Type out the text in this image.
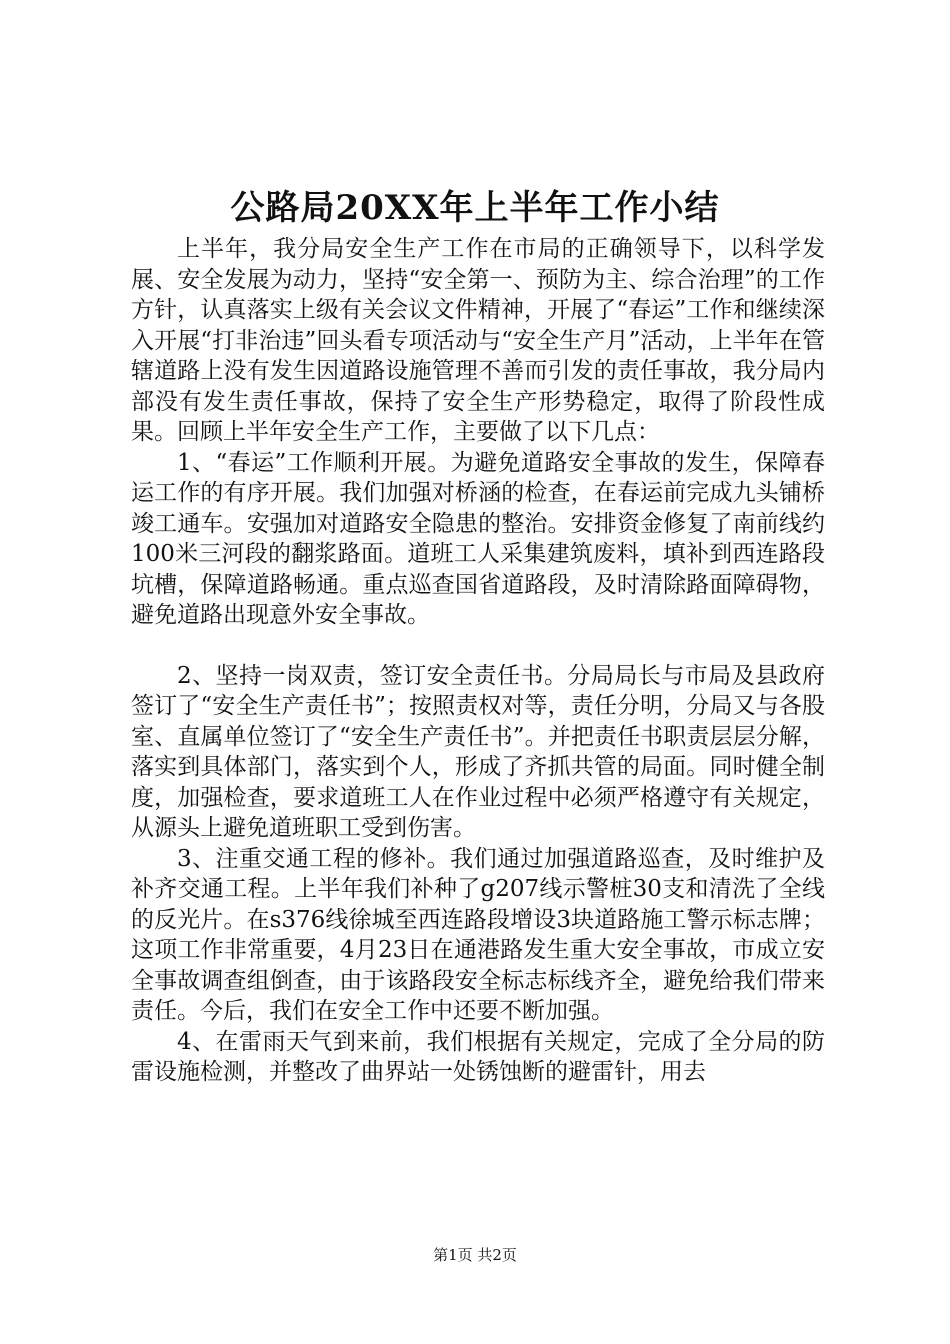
公路局20XX年上半年工作小结

上半年，我分局安全生产工作在市局的正确领导下，以科学发展、安全发展为动力，坚持“安全第一、预防为主、综合治理”的工作方针，认真落实上级有关会议文件精神，开展了“春运”工作和继续深入开展“打非治违”回头看专项活动与“安全生产月”活动，上半年在管辖道路上没有发生因道路设施管理不善而引发的责任事故，我分局内部没有发生责任事故，保持了安全生产形势稳定，取得了阶段性成果。回顾上半年安全生产工作，主要做了以下几点：

1、“春运”工作顺利开展。为避免道路安全事故的发生，保障春运工作的有序开展。我们加强对桥涵的检查，在春运前完成九头铺桥竣工通车。安强加对道路安全隐患的整治。安排资金修复了南前线约100米三河段的翻浆路面。道班工人采集建筑废料，填补到西连路段坑槽，保障道路畅通。重点巡查国省道路段，及时清除路面障碍物，避免道路出现意外安全事故。

2、坚持一岗双责，签订安全责任书。分局局长与市局及县政府签订了“安全生产责任书”；按照责权对等，责任分明，分局又与各股室、直属单位签订了“安全生产责任书”。并把责任书职责层层分解，落实到具体部门，落实到个人，形成了齐抓共管的局面。同时健全制度，加强检查，要求道班工人在作业过程中必须严格遵守有关规定，从源头上避免道班职工受到伤害。

3、注重交通工程的修补。我们通过加强道路巡查，及时维护及补齐交通工程。上半年我们补种了g207线示警桩30支和清洗了全线的反光片。在s376线徐城至西连路段增设3块道路施工警示标志牌；这项工作非常重要，4月23日在通港路发生重大安全事故，市成立安全事故调查组倒查，由于该路段安全标志标线齐全，避免给我们带来责任。今后，我们在安全工作中还要不断加强。

4、在雷雨天气到来前，我们根据有关规定，完成了全分局的防雷设施检测，并整改了曲界站一处锈蚀断的避雷针，用去

第1页 共2页
